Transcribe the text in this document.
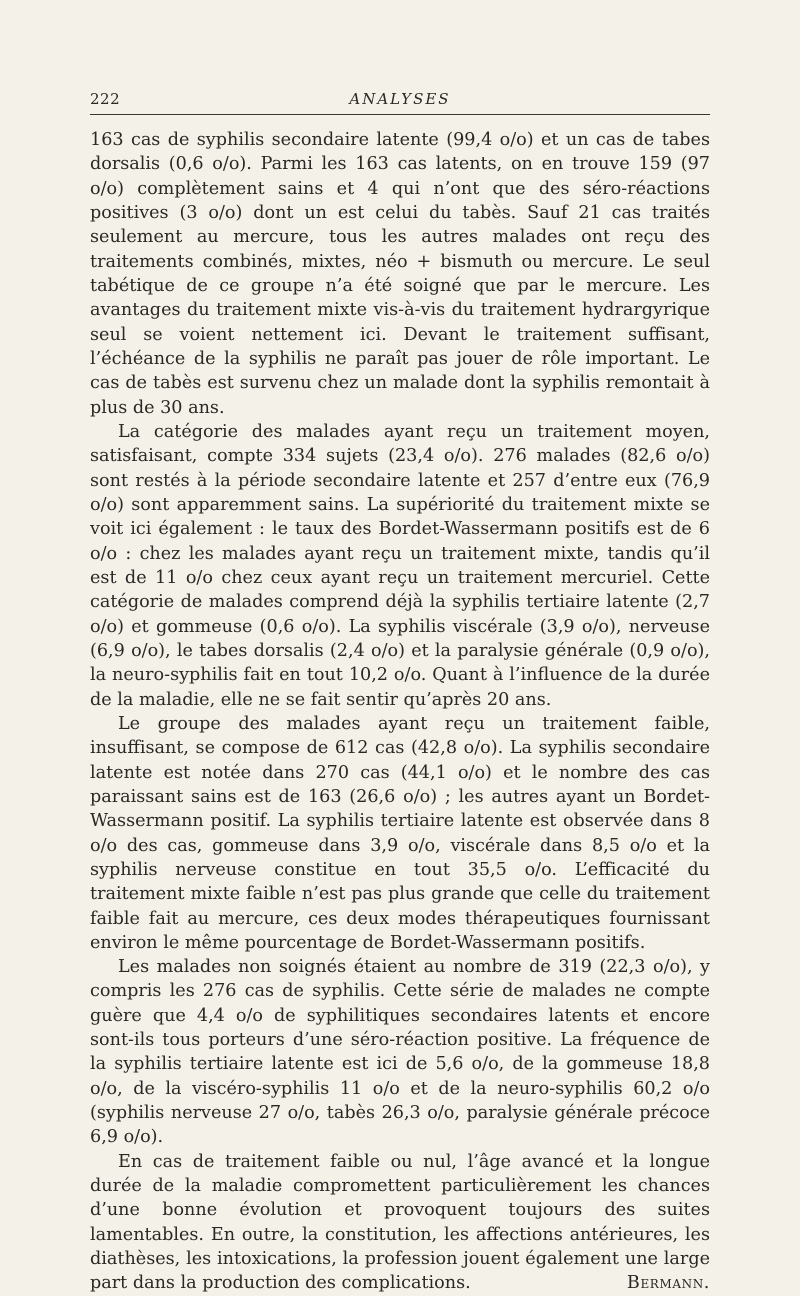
222	ANALYSES

163 cas de syphilis secondaire latente (99,4 o/o) et un cas de tabes dorsalis (0,6 o/o). Parmi les 163 cas latents, on en trouve 159 (97 o/o) complètement sains et 4 qui n’ont que des séro-réactions positives (3 o/o) dont un est celui du tabès. Sauf 21 cas traités seulement au mercure, tous les autres malades ont reçu des traitements combinés, mixtes, néo + bismuth ou mercure. Le seul tabétique de ce groupe n’a été soigné que par le mercure. Les avantages du traitement mixte vis-à-vis du traitement hydrargyrique seul se voient nettement ici. Devant le traitement suffisant, l’échéance de la syphilis ne paraît pas jouer de rôle important. Le cas de tabès est survenu chez un malade dont la syphilis remontait à plus de 30 ans.

La catégorie des malades ayant reçu un traitement moyen, satisfaisant, compte 334 sujets (23,4 o/o). 276 malades (82,6 o/o) sont restés à la période secondaire latente et 257 d’entre eux (76,9 o/o) sont apparemment sains. La supériorité du traitement mixte se voit ici également : le taux des Bordet-Wassermann positifs est de 6 o/o : chez les malades ayant reçu un traitement mixte, tandis qu’il est de 11 o/o chez ceux ayant reçu un traitement mercuriel. Cette catégorie de malades comprend déjà la syphilis tertiaire latente (2,7 o/o) et gommeuse (0,6 o/o). La syphilis viscérale (3,9 o/o), nerveuse (6,9 o/o), le tabes dorsalis (2,4 o/o) et la paralysie générale (0,9 o/o), la neuro-syphilis fait en tout 10,2 o/o. Quant à l’influence de la durée de la maladie, elle ne se fait sentir qu’après 20 ans.

Le groupe des malades ayant reçu un traitement faible, insuffisant, se compose de 612 cas (42,8 o/o). La syphilis secondaire latente est notée dans 270 cas (44,1 o/o) et le nombre des cas paraissant sains est de 163 (26,6 o/o) ; les autres ayant un Bordet-Wassermann positif. La syphilis tertiaire latente est observée dans 8 o/o des cas, gommeuse dans 3,9 o/o, viscérale dans 8,5 o/o et la syphilis nerveuse constitue en tout 35,5 o/o. L’efficacité du traitement mixte faible n’est pas plus grande que celle du traitement faible fait au mercure, ces deux modes thérapeutiques fournissant environ le même pourcentage de Bordet-Wassermann positifs.

Les malades non soignés étaient au nombre de 319 (22,3 o/o), y compris les 276 cas de syphilis. Cette série de malades ne compte guère que 4,4 o/o de syphilitiques secondaires latents et encore sont-ils tous porteurs d’une séro-réaction positive. La fréquence de la syphilis tertiaire latente est ici de 5,6 o/o, de la gommeuse 18,8 o/o, de la viscéro-syphilis 11 o/o et de la neuro-syphilis 60,2 o/o (syphilis nerveuse 27 o/o, tabès 26,3 o/o, paralysie générale précoce 6,9 o/o).

En cas de traitement faible ou nul, l’âge avancé et la longue durée de la maladie compromettent particulièrement les chances d’une bonne évolution et provoquent toujours des suites lamentables. En outre, la constitution, les affections antérieures, les diathèses, les intoxications, la profession jouent également une large part dans la production des complications.	Bermann.
